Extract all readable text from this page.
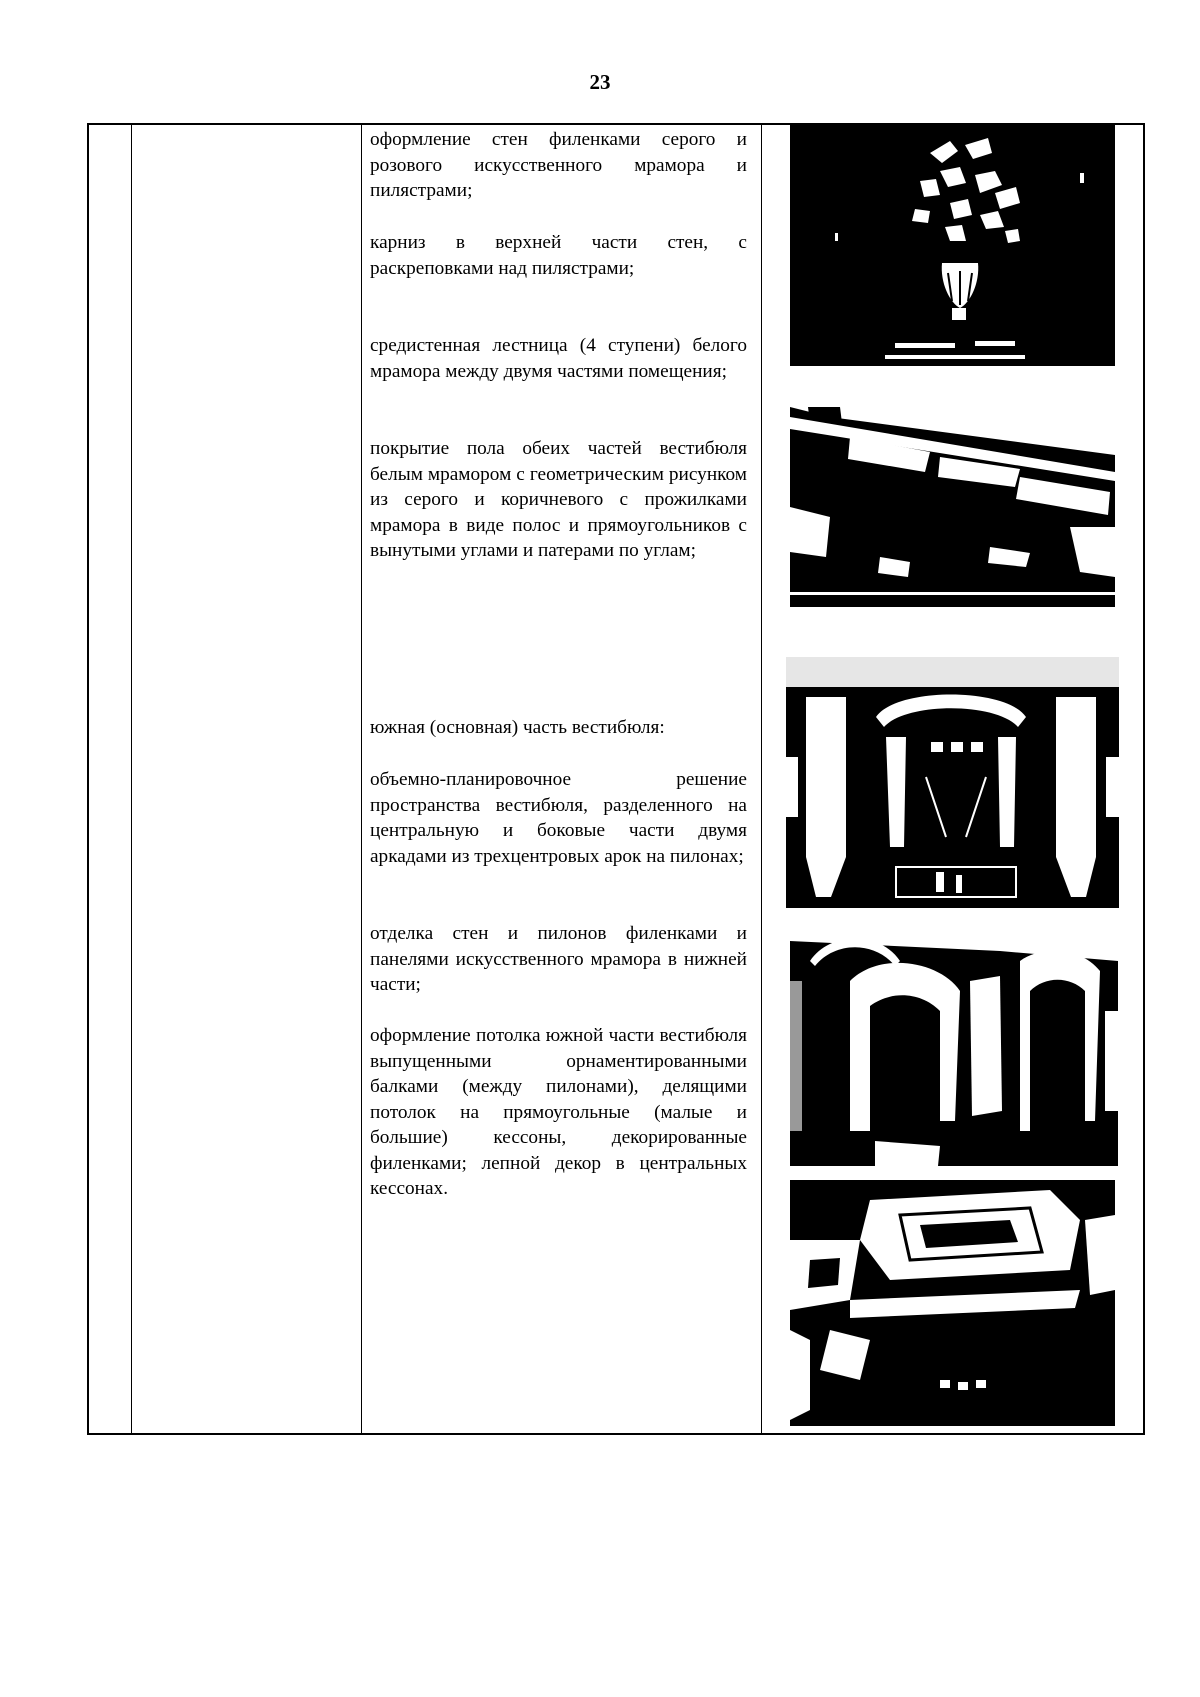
23

оформление стен филенками серого и розового искусственного мрамора и пилястрами;

карниз в верхней части стен, с раскреповками над пилястрами;

средистенная лестница (4 ступени) белого мрамора между двумя частями помещения;

покрытие пола обеих частей вестибюля белым мрамором с геометрическим рисунком из серого и коричневого с прожилками мрамора в виде полос и прямоугольников с вынутыми углами и патерами по углам;

южная (основная) часть вестибюля:

объемно-планировочное решение пространства вестибюля, разделенного на центральную и боковые части двумя аркадами из трехцентровых арок на пилонах;

отделка стен и пилонов филенками и панелями искусственного мрамора в нижней части;

оформление потолка южной части вестибюля выпущенными орнаментированными балками (между пилонами), делящими потолок на прямоугольные (малые и большие) кессоны, декорированные филенками; лепной декор в центральных кессонах.
